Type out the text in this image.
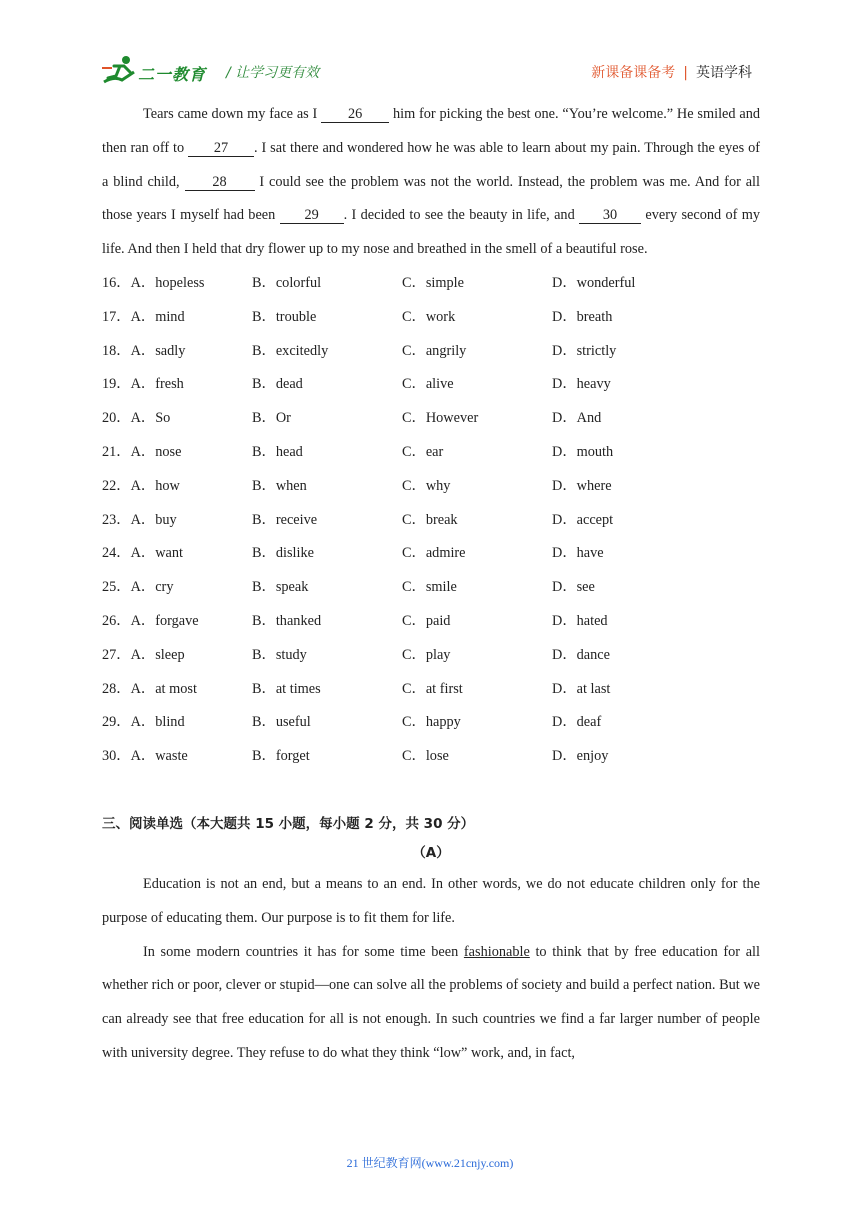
二一教育 / 让学习更有效	新课备课备考 | 英语学科

Tears came down my face as I 26 him for picking the best one. “You’re welcome.” He smiled and then ran off to 27 . I sat there and wondered how he was able to learn about my pain. Through the eyes of a blind child, 28 I could see the problem was not the world. Instead, the problem was me. And for all those years I myself had been 29 . I decided to see the beauty in life, and 30 every second of my life. And then I held that dry flower up to my nose and breathed in the smell of a beautiful rose.

16．A．hopeless	B．colorful	C．simple	D．wonderful
17．A．mind	B．trouble	C．work	D．breath
18．A．sadly	B．excitedly	C．angrily	D．strictly
19．A．fresh	B．dead	C．alive	D．heavy
20．A．So	B．Or	C．However	D．And
21．A．nose	B．head	C．ear	D．mouth
22．A．how	B．when	C．why	D．where
23．A．buy	B．receive	C．break	D．accept
24．A．want	B．dislike	C．admire	D．have
25．A．cry	B．speak	C．smile	D．see
26．A．forgave	B．thanked	C．paid	D．hated
27．A．sleep	B．study	C．play	D．dance
28．A．at most	B．at times	C．at first	D．at last
29．A．blind	B．useful	C．happy	D．deaf
30．A．waste	B．forget	C．lose	D．enjoy
三、阅读单选（本大题共 15 小题，每小题 2 分，共 30 分）
（A）

Education is not an end, but a means to an end. In other words, we do not educate children only for the purpose of educating them. Our purpose is to fit them for life.

In some modern countries it has for some time been fashionable to think that by free education for all whether rich or poor, clever or stupid—one can solve all the problems of society and build a perfect nation. But we can already see that free education for all is not enough. In such countries we find a far larger number of people with university degree. They refuse to do what they think “low” work, and, in fact,

21 世纪教育网(www.21cnjy.com)
